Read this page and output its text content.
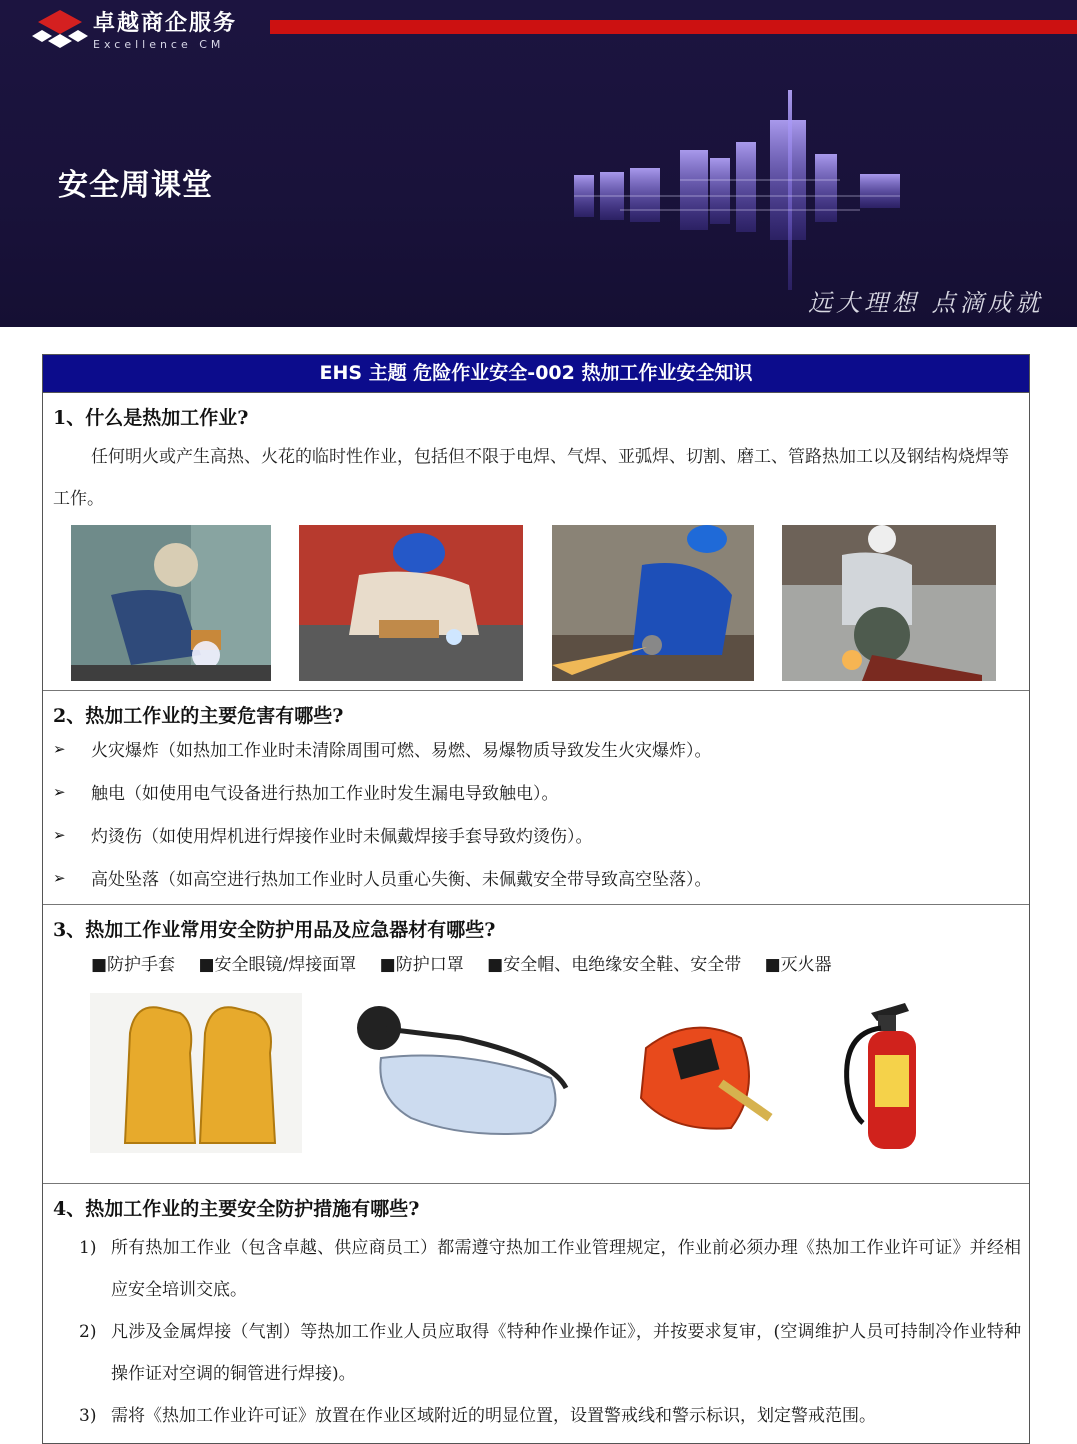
卓越商企服务
Excellence CM
安全周课堂
远大理想 点滴成就
EHS 主题 危险作业安全-002 热加工作业安全知识
1、什么是热加工作业?
任何明火或产生高热、火花的临时性作业，包括但不限于电焊、气焊、亚弧焊、切割、磨工、管路热加工以及钢结构烧焊等工作。
2、热加工作业的主要危害有哪些?
➢	火灾爆炸（如热加工作业时未清除周围可燃、易燃、易爆物质导致发生火灾爆炸）。
➢	触电（如使用电气设备进行热加工作业时发生漏电导致触电）。
➢	灼烫伤（如使用焊机进行焊接作业时未佩戴焊接手套导致灼烫伤）。
➢	高处坠落（如高空进行热加工作业时人员重心失衡、未佩戴安全带导致高空坠落）。
3、热加工作业常用安全防护用品及应急器材有哪些?
■防护手套 ■安全眼镜/焊接面罩 ■防护口罩 ■安全帽、电绝缘安全鞋、安全带 ■灭火器
4、热加工作业的主要安全防护措施有哪些?
1) 所有热加工作业（包含卓越、供应商员工）都需遵守热加工作业管理规定，作业前必须办理《热加工作业许可证》并经相应安全培训交底。
2) 凡涉及金属焊接（气割）等热加工作业人员应取得《特种作业操作证》，并按要求复审，(空调维护人员可持制冷作业特种操作证对空调的铜管进行焊接)。
3) 需将《热加工作业许可证》放置在作业区域附近的明显位置，设置警戒线和警示标识，划定警戒范围。
